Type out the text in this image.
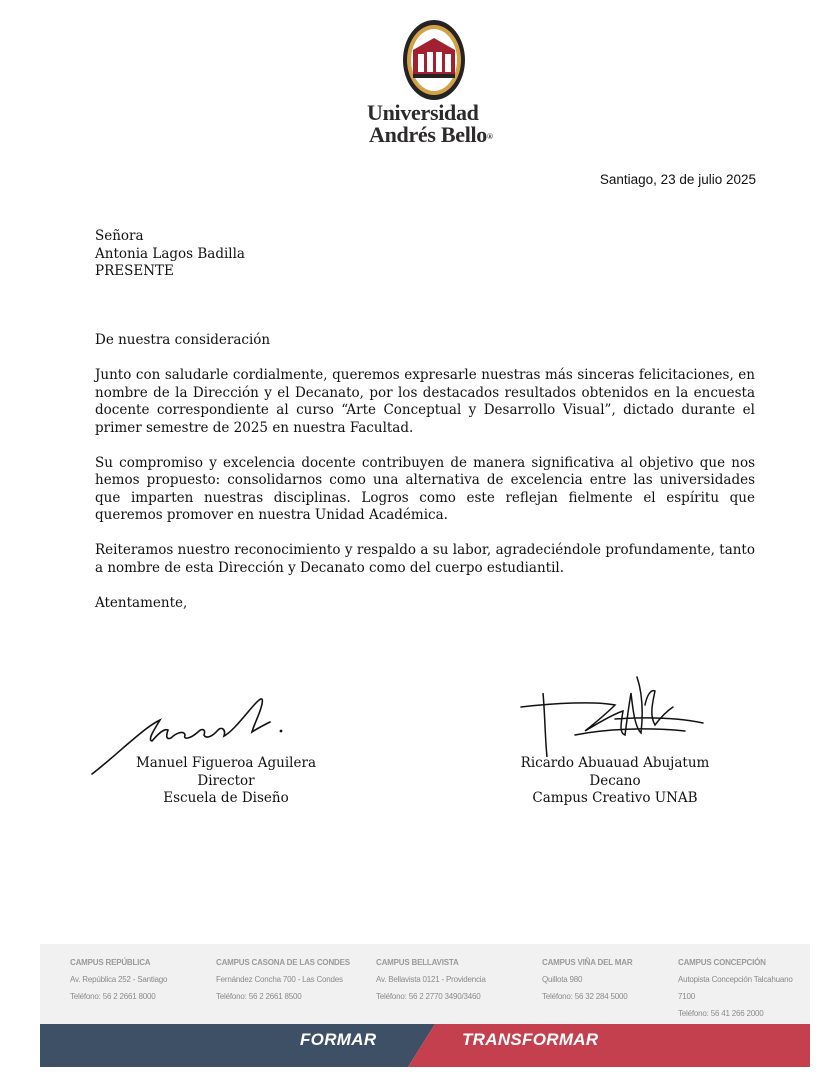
Universidad
Andrés Bello®
Santiago, 23 de julio 2025
Señora
Antonia Lagos Badilla
PRESENTE

De nuestra consideración

Junto con saludarle cordialmente, queremos expresarle nuestras más sinceras felicitaciones, en nombre de la Dirección y el Decanato, por los destacados resultados obtenidos en la encuesta docente correspondiente al curso “Arte Conceptual y Desarrollo Visual”, dictado durante el primer semestre de 2025 en nuestra Facultad.

Su compromiso y excelencia docente contribuyen de manera significativa al objetivo que nos hemos propuesto: consolidarnos como una alternativa de excelencia entre las universidades que imparten nuestras disciplinas. Logros como este reflejan fielmente el espíritu que queremos promover en nuestra Unidad Académica.

Reiteramos nuestro reconocimiento y respaldo a su labor, agradeciéndole profundamente, tanto a nombre de esta Dirección y Decanato como del cuerpo estudiantil.

Atentamente,

Manuel Figueroa Aguilera
Director
Escuela de Diseño
Ricardo Abuauad Abujatum
Decano
Campus Creativo UNAB
CAMPUS REPÚBLICA
Av. República 252 - Santiago
Teléfono: 56 2 2661 8000
CAMPUS CASONA DE LAS CONDES
Fernández Concha 700 - Las Condes
Teléfono: 56 2 2661 8500
CAMPUS BELLAVISTA
Av. Bellavista 0121 - Providencia
Teléfono: 56 2 2770 3490/3460
CAMPUS VIÑA DEL MAR
Quillota 980
Teléfono: 56 32 284 5000
CAMPUS CONCEPCIÓN
Autopista Concepción Talcahuano 7100
Teléfono: 56 41 266 2000
FORMAR	TRANSFORMAR
